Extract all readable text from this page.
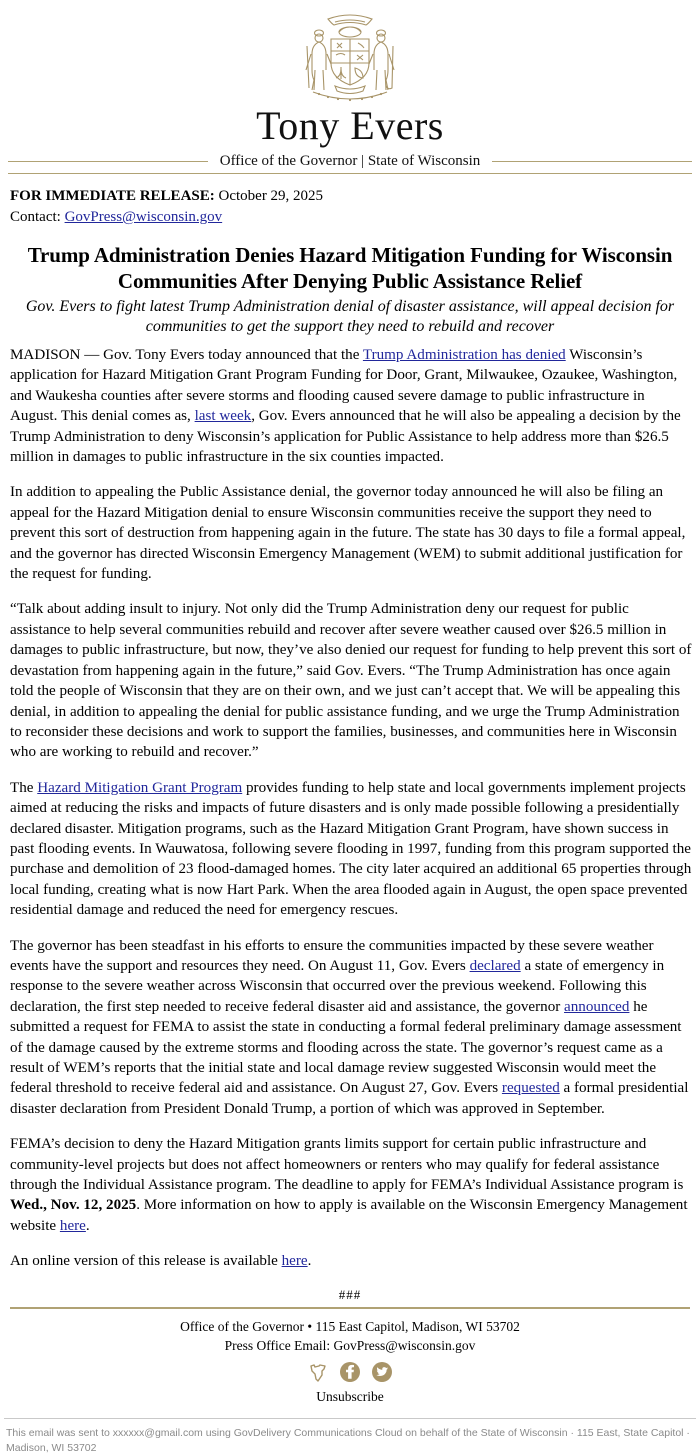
Tony Evers
Office of the Governor | State of Wisconsin
FOR IMMEDIATE RELEASE: October 29, 2025
Contact: GovPress@wisconsin.gov
Trump Administration Denies Hazard Mitigation Funding for Wisconsin Communities After Denying Public Assistance Relief
Gov. Evers to fight latest Trump Administration denial of disaster assistance, will appeal decision for communities to get the support they need to rebuild and recover

MADISON — Gov. Tony Evers today announced that the Trump Administration has denied Wisconsin’s application for Hazard Mitigation Grant Program Funding for Door, Grant, Milwaukee, Ozaukee, Washington, and Waukesha counties after severe storms and flooding caused severe damage to public infrastructure in August. This denial comes as, last week, Gov. Evers announced that he will also be appealing a decision by the Trump Administration to deny Wisconsin’s application for Public Assistance to help address more than $26.5 million in damages to public infrastructure in the six counties impacted.

In addition to appealing the Public Assistance denial, the governor today announced he will also be filing an appeal for the Hazard Mitigation denial to ensure Wisconsin communities receive the support they need to prevent this sort of destruction from happening again in the future. The state has 30 days to file a formal appeal, and the governor has directed Wisconsin Emergency Management (WEM) to submit additional justification for the request for funding.

“Talk about adding insult to injury. Not only did the Trump Administration deny our request for public assistance to help several communities rebuild and recover after severe weather caused over $26.5 million in damages to public infrastructure, but now, they’ve also denied our request for funding to help prevent this sort of devastation from happening again in the future,” said Gov. Evers. “The Trump Administration has once again told the people of Wisconsin that they are on their own, and we just can’t accept that. We will be appealing this denial, in addition to appealing the denial for public assistance funding, and we urge the Trump Administration to reconsider these decisions and work to support the families, businesses, and communities here in Wisconsin who are working to rebuild and recover.”

The Hazard Mitigation Grant Program provides funding to help state and local governments implement projects aimed at reducing the risks and impacts of future disasters and is only made possible following a presidentially declared disaster. Mitigation programs, such as the Hazard Mitigation Grant Program, have shown success in past flooding events. In Wauwatosa, following severe flooding in 1997, funding from this program supported the purchase and demolition of 23 flood-damaged homes. The city later acquired an additional 65 properties through local funding, creating what is now Hart Park. When the area flooded again in August, the open space prevented residential damage and reduced the need for emergency rescues.

The governor has been steadfast in his efforts to ensure the communities impacted by these severe weather events have the support and resources they need. On August 11, Gov. Evers declared a state of emergency in response to the severe weather across Wisconsin that occurred over the previous weekend. Following this declaration, the first step needed to receive federal disaster aid and assistance, the governor announced he submitted a request for FEMA to assist the state in conducting a formal federal preliminary damage assessment of the damage caused by the extreme storms and flooding across the state. The governor’s request came as a result of WEM’s reports that the initial state and local damage review suggested Wisconsin would meet the federal threshold to receive federal aid and assistance. On August 27, Gov. Evers requested a formal presidential disaster declaration from President Donald Trump, a portion of which was approved in September.

FEMA’s decision to deny the Hazard Mitigation grants limits support for certain public infrastructure and community-level projects but does not affect homeowners or renters who may qualify for federal assistance through the Individual Assistance program. The deadline to apply for FEMA’s Individual Assistance program is Wed., Nov. 12, 2025. More information on how to apply is available on the Wisconsin Emergency Management website here.

An online version of this release is available here.

###
Office of the Governor • 115 East Capitol, Madison, WI 53702
Press Office Email: GovPress@wisconsin.gov

Unsubscribe
This email was sent to xxxxxx@gmail.com using GovDelivery Communications Cloud on behalf of the State of Wisconsin · 115 East, State Capitol · Madison, WI 53702
